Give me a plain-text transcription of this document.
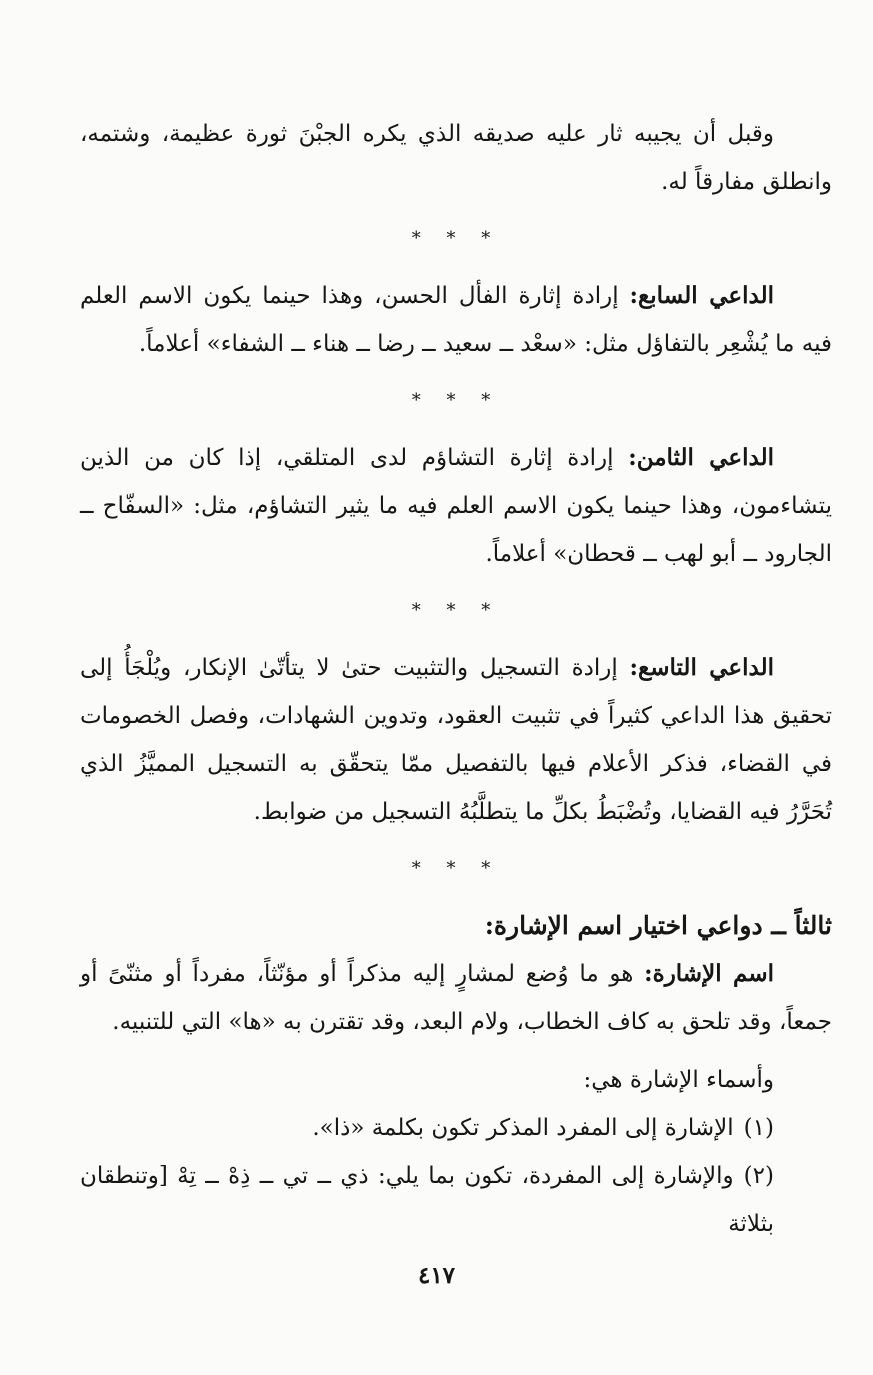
وقبل أن يجيبه ثار عليه صديقه الذي يكره الجبْنَ ثورة عظيمة، وشتمه، وانطلق مفارقاً له.

* * *

الداعي السابع: إرادة إثارة الفأل الحسن، وهذا حينما يكون الاسم العلم فيه ما يُشْعِر بالتفاؤل مثل: «سعْد ــ سعيد ــ رضا ــ هناء ــ الشفاء» أعلاماً.

* * *

الداعي الثامن: إرادة إثارة التشاؤم لدى المتلقي، إذا كان من الذين يتشاءمون، وهذا حينما يكون الاسم العلم فيه ما يثير التشاؤم، مثل: «السفّاح ــ الجارود ــ أبو لهب ــ قحطان» أعلاماً.

* * *

الداعي التاسع: إرادة التسجيل والتثبيت حتىٰ لا يتأتّىٰ الإنكار، ويُلْجَأُ إلى تحقيق هذا الداعي كثيراً في تثبيت العقود، وتدوين الشهادات، وفصل الخصومات في القضاء، فذكر الأعلام فيها بالتفصيل ممّا يتحقّق به التسجيل المميَّزُ الذي تُحَرَّرُ فيه القضايا، وتُضْبَطُ بكلِّ ما يتطلَّبُهُ التسجيل من ضوابط.

* * *

ثالثاً ــ دواعي اختيار اسم الإشارة:

اسم الإشارة: هو ما وُضع لمشارٍ إليه مذكراً أو مؤنّثاً، مفرداً أو مثنّىً أو جمعاً، وقد تلحق به كاف الخطاب، ولام البعد، وقد تقترن به «ها» التي للتنبيه.

وأسماء الإشارة هي:

(١)الإشارة إلى المفرد المذكر تكون بكلمة «ذا».

(٢)والإشارة إلى المفردة، تكون بما يلي: ذي ــ تي ــ ذِهْ ــ تِهْ [وتنطقان بثلاثة

٤١٧
